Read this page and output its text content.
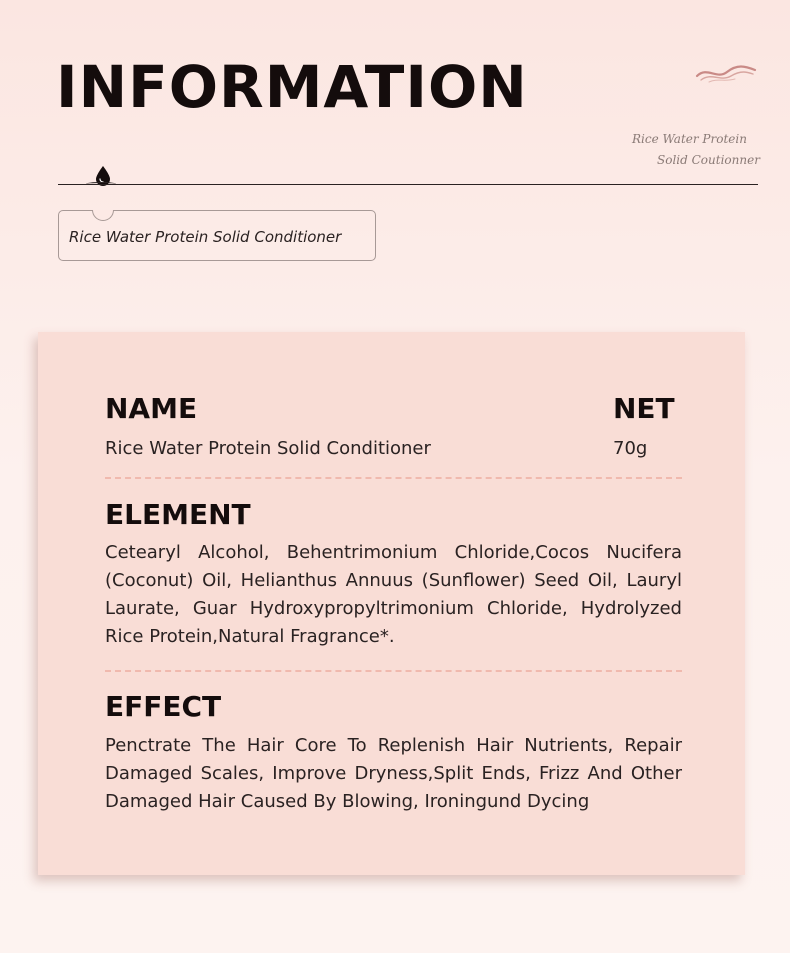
INFORMATION
Rice Water Protein
Solid Coutionner
Rice Water Protein Solid Conditioner
NAME	NET
Rice Water Protein Solid Conditioner	70g
ELEMENT

Cetearyl Alcohol, Behentrimonium Chloride,Cocos Nucifera (Coconut) Oil, Helianthus Annuus (Sunflower) Seed Oil, Lauryl Laurate, Guar Hydroxypropyltrimonium Chloride, Hydrolyzed Rice Protein,Natural Fragrance*.

EFFECT

Penctrate The Hair Core To Replenish Hair Nutrients, Repair Damaged Scales, Improve Dryness,Split Ends, Frizz And Other Damaged Hair Caused By Blowing, Ironingund Dycing
